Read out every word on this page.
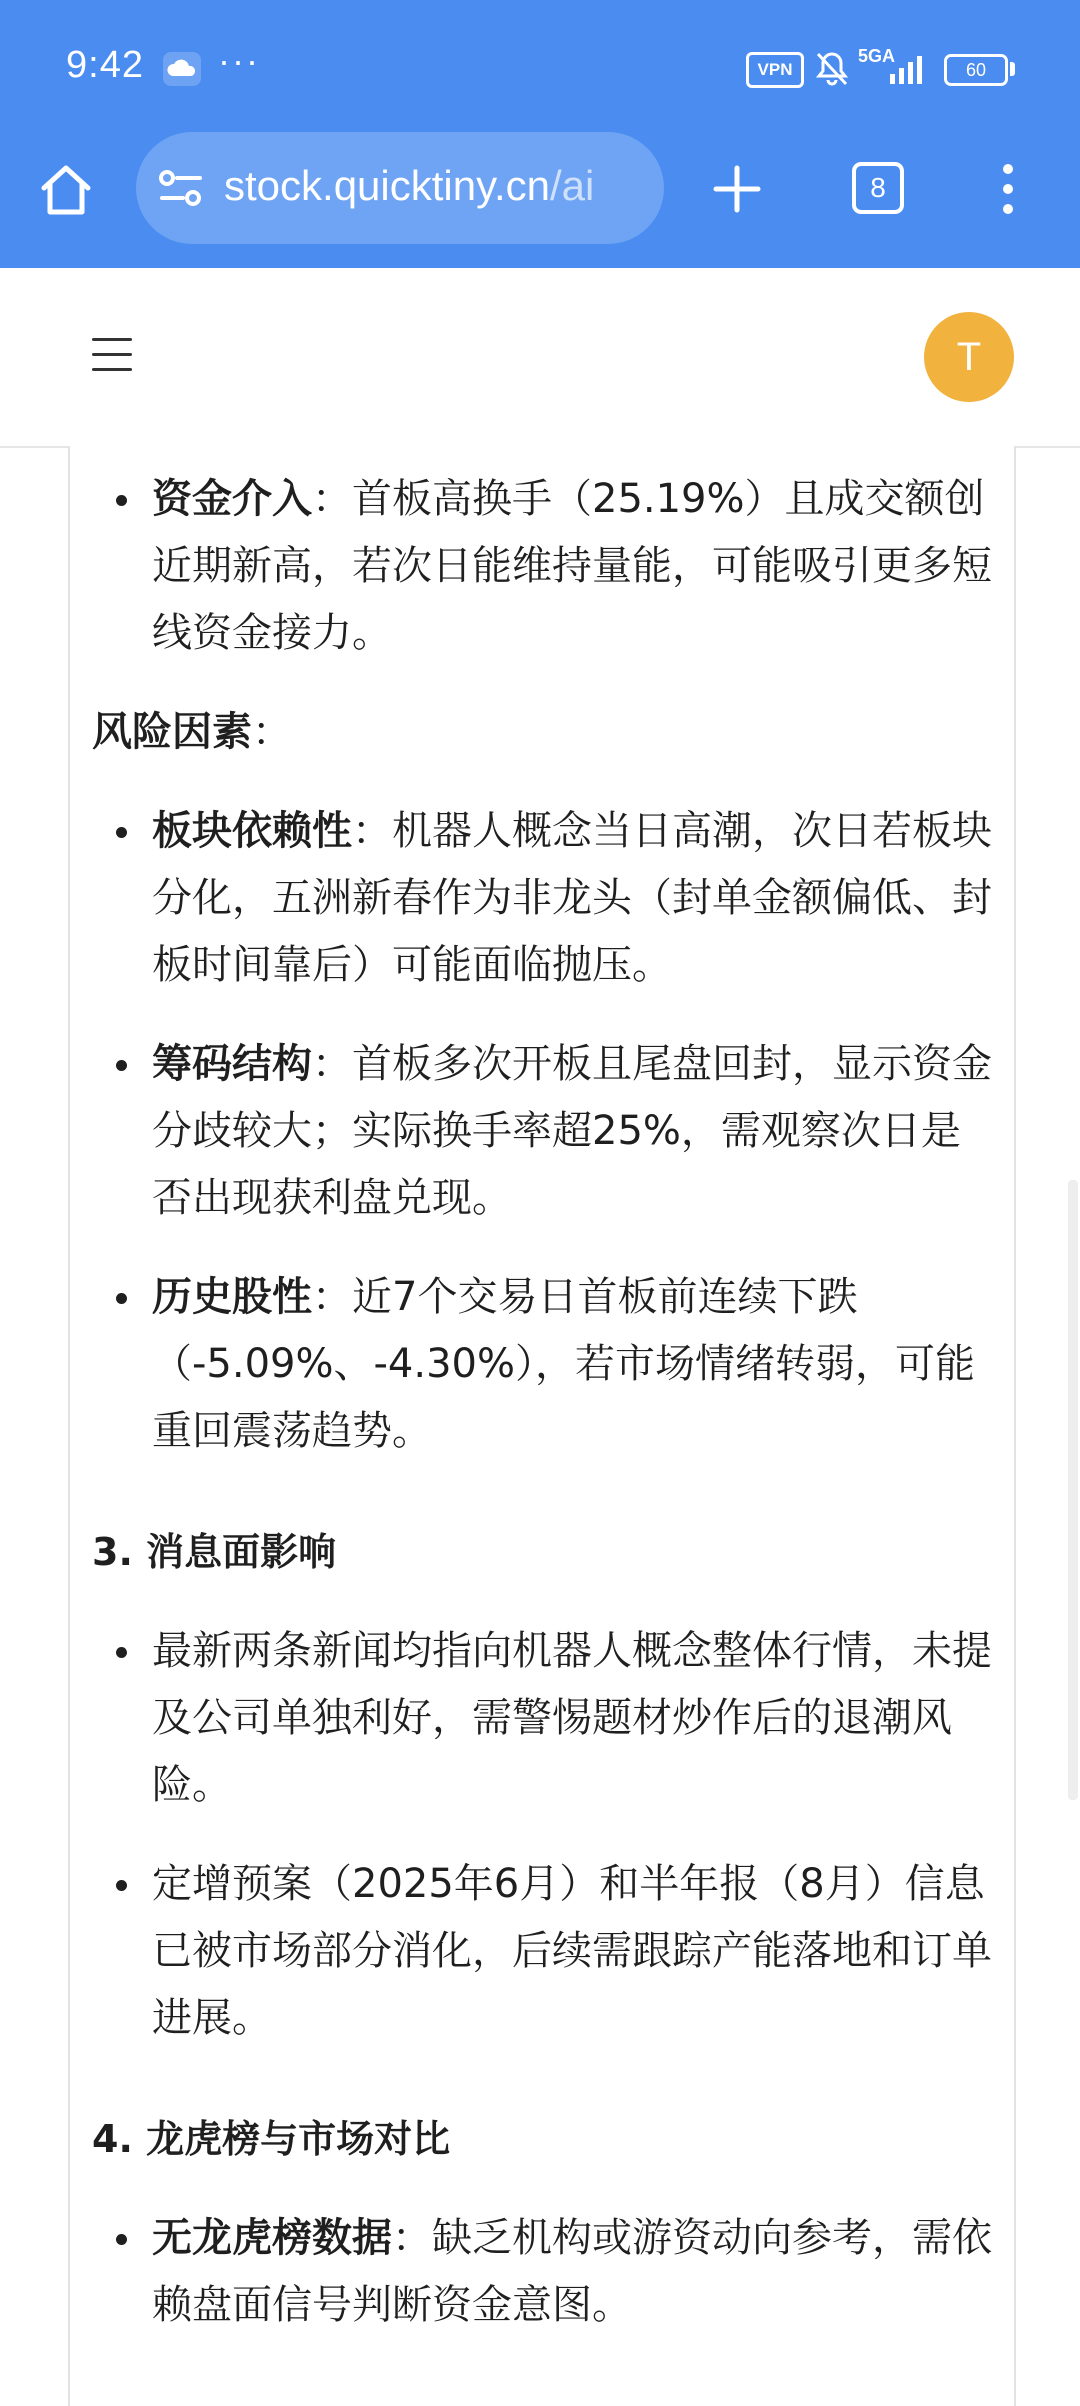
9:42 ···	VPN
5GA
60
stock.quicktiny.cn/ai	8
T
资金介入：首板高换手（25.19%）且成交额创近期新高，若次日能维持量能，可能吸引更多短线资金接力。
风险因素：
板块依赖性：机器人概念当日高潮，次日若板块分化，五洲新春作为非龙头（封单金额偏低、封板时间靠后）可能面临抛压。
筹码结构：首板多次开板且尾盘回封，显示资金分歧较大；实际换手率超25%，需观察次日是否出现获利盘兑现。
历史股性：近7个交易日首板前连续下跌（-5.09%、-4.30%），若市场情绪转弱，可能重回震荡趋势。
3. 消息面影响
最新两条新闻均指向机器人概念整体行情，未提及公司单独利好，需警惕题材炒作后的退潮风险。
定增预案（2025年6月）和半年报（8月）信息已被市场部分消化，后续需跟踪产能落地和订单进展。
4. 龙虎榜与市场对比
无龙虎榜数据：缺乏机构或游资动向参考，需依赖盘面信号判断资金意图。
